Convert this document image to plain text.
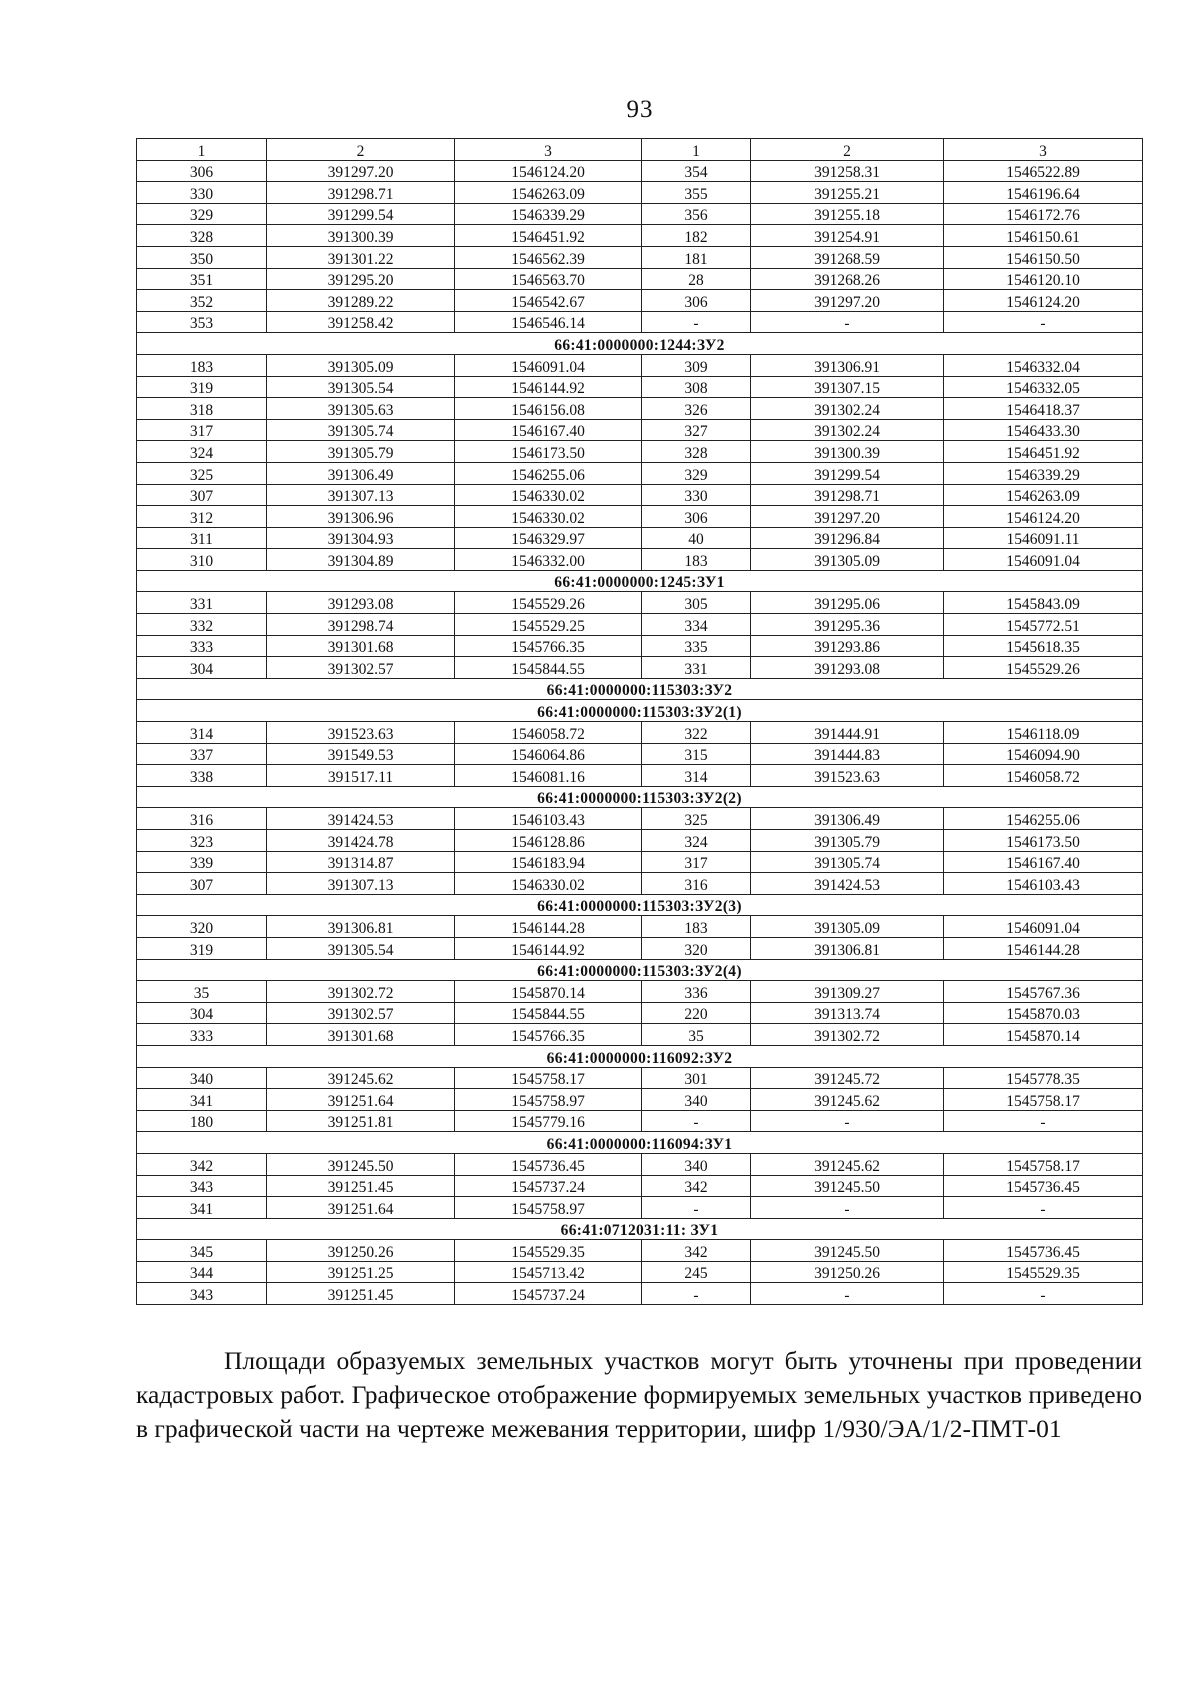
93
1	2	3	1	2	3
306	391297.20	1546124.20	354	391258.31	1546522.89
330	391298.71	1546263.09	355	391255.21	1546196.64
329	391299.54	1546339.29	356	391255.18	1546172.76
328	391300.39	1546451.92	182	391254.91	1546150.61
350	391301.22	1546562.39	181	391268.59	1546150.50
351	391295.20	1546563.70	28	391268.26	1546120.10
352	391289.22	1546542.67	306	391297.20	1546124.20
353	391258.42	1546546.14	-	-	-
66:41:0000000:1244:ЗУ2					
183	391305.09	1546091.04	309	391306.91	1546332.04
319	391305.54	1546144.92	308	391307.15	1546332.05
318	391305.63	1546156.08	326	391302.24	1546418.37
317	391305.74	1546167.40	327	391302.24	1546433.30
324	391305.79	1546173.50	328	391300.39	1546451.92
325	391306.49	1546255.06	329	391299.54	1546339.29
307	391307.13	1546330.02	330	391298.71	1546263.09
312	391306.96	1546330.02	306	391297.20	1546124.20
311	391304.93	1546329.97	40	391296.84	1546091.11
310	391304.89	1546332.00	183	391305.09	1546091.04
66:41:0000000:1245:ЗУ1					
331	391293.08	1545529.26	305	391295.06	1545843.09
332	391298.74	1545529.25	334	391295.36	1545772.51
333	391301.68	1545766.35	335	391293.86	1545618.35
304	391302.57	1545844.55	331	391293.08	1545529.26
66:41:0000000:115303:ЗУ2					
66:41:0000000:115303:ЗУ2(1)					
314	391523.63	1546058.72	322	391444.91	1546118.09
337	391549.53	1546064.86	315	391444.83	1546094.90
338	391517.11	1546081.16	314	391523.63	1546058.72
66:41:0000000:115303:ЗУ2(2)					
316	391424.53	1546103.43	325	391306.49	1546255.06
323	391424.78	1546128.86	324	391305.79	1546173.50
339	391314.87	1546183.94	317	391305.74	1546167.40
307	391307.13	1546330.02	316	391424.53	1546103.43
66:41:0000000:115303:ЗУ2(3)					
320	391306.81	1546144.28	183	391305.09	1546091.04
319	391305.54	1546144.92	320	391306.81	1546144.28
66:41:0000000:115303:ЗУ2(4)					
35	391302.72	1545870.14	336	391309.27	1545767.36
304	391302.57	1545844.55	220	391313.74	1545870.03
333	391301.68	1545766.35	35	391302.72	1545870.14
66:41:0000000:116092:ЗУ2					
340	391245.62	1545758.17	301	391245.72	1545778.35
341	391251.64	1545758.97	340	391245.62	1545758.17
180	391251.81	1545779.16	-	-	-
66:41:0000000:116094:ЗУ1					
342	391245.50	1545736.45	340	391245.62	1545758.17
343	391251.45	1545737.24	342	391245.50	1545736.45
341	391251.64	1545758.97	-	-	-
66:41:0712031:11: ЗУ1					
345	391250.26	1545529.35	342	391245.50	1545736.45
344	391251.25	1545713.42	245	391250.26	1545529.35
343	391251.45	1545737.24	-	-	-

Площади образуемых земельных участков могут быть уточнены при проведении кадастровых работ. Графическое отображение формируемых земельных участков приведено в графической части на чертеже межевания территории, шифр 1/930/ЭА/1/2-ПМТ-01
